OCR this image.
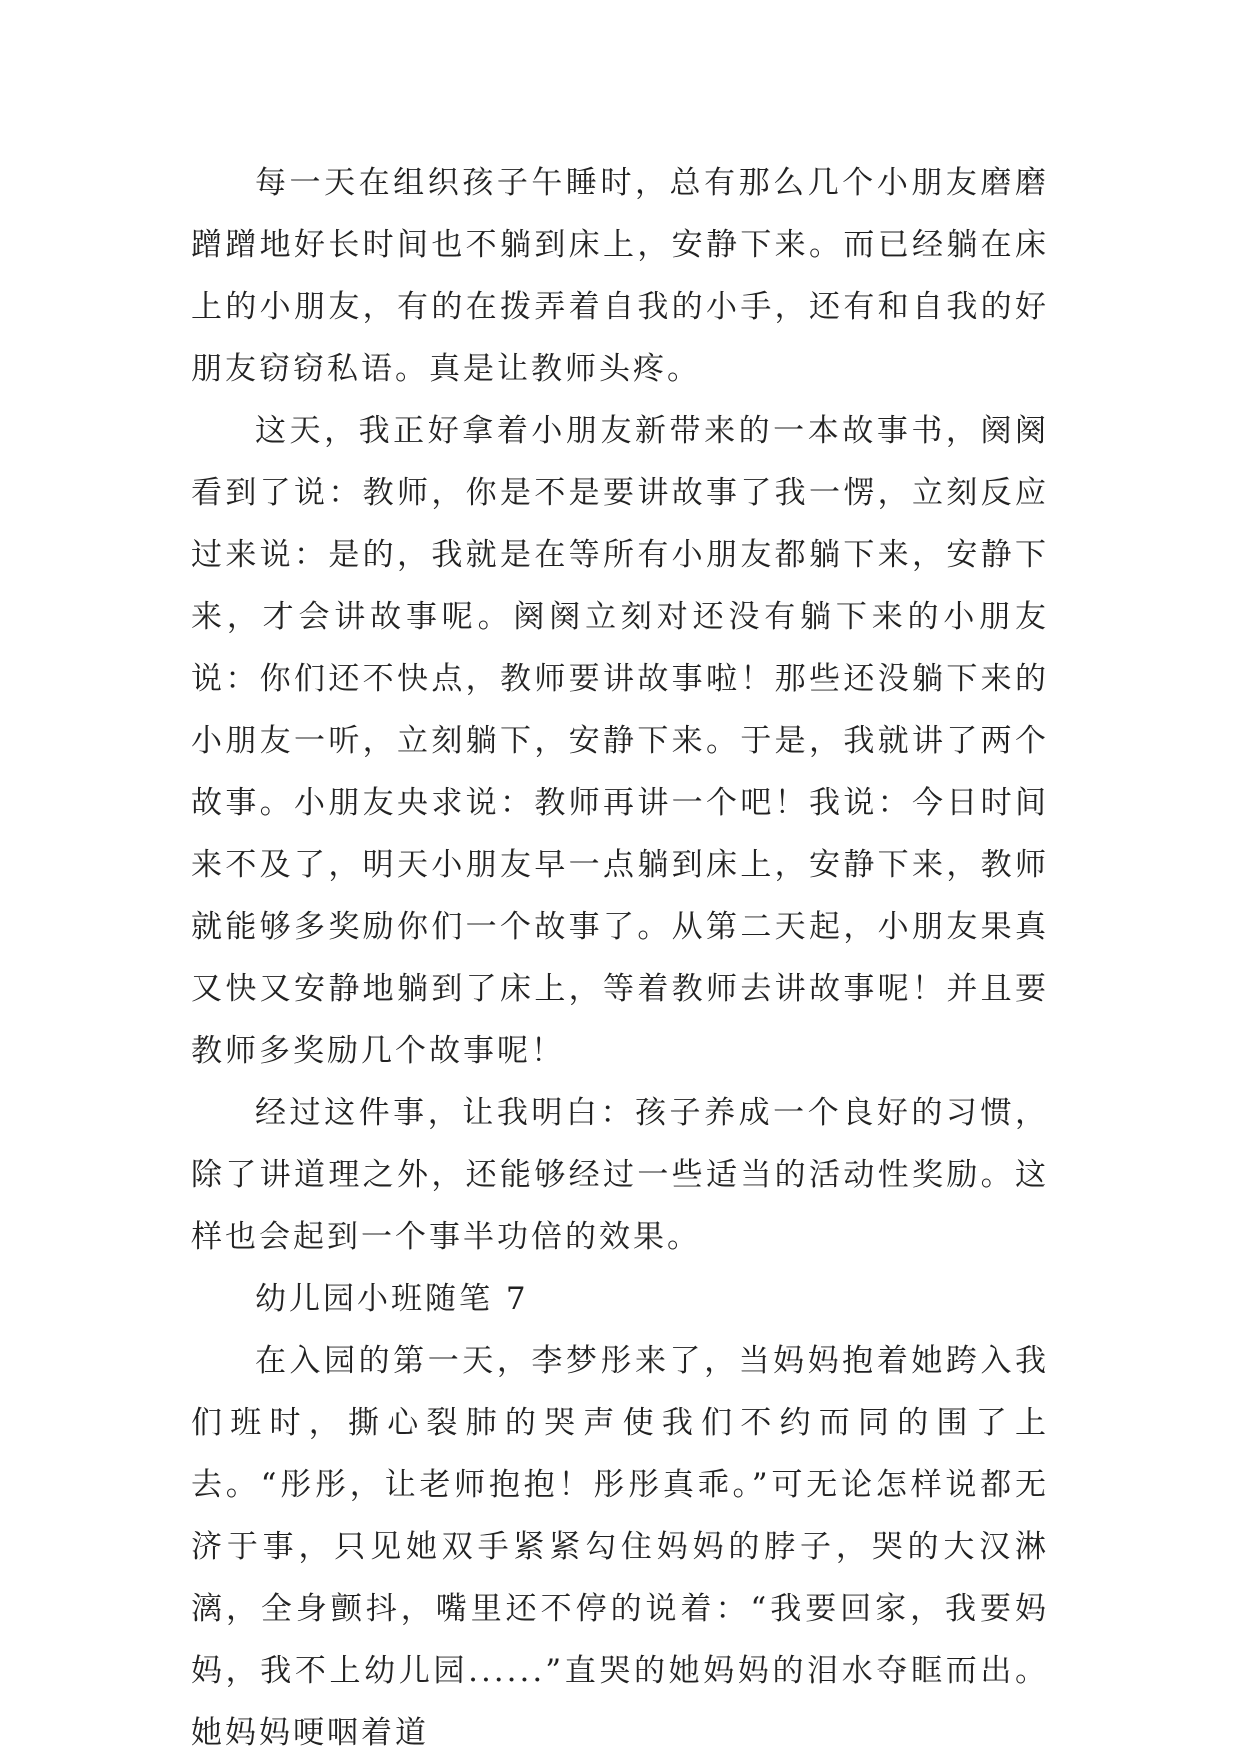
每一天在组织孩子午睡时，总有那么几个小朋友磨磨蹭蹭地好长时间也不躺到床上，安静下来。而已经躺在床上的小朋友，有的在拨弄着自我的小手，还有和自我的好朋友窃窃私语。真是让教师头疼。

这天，我正好拿着小朋友新带来的一本故事书，阕阕看到了说：教师，你是不是要讲故事了我一愣，立刻反应过来说：是的，我就是在等所有小朋友都躺下来，安静下来，才会讲故事呢。阕阕立刻对还没有躺下来的小朋友说：你们还不快点，教师要讲故事啦！那些还没躺下来的小朋友一听，立刻躺下，安静下来。于是，我就讲了两个故事。小朋友央求说：教师再讲一个吧！我说：今日时间来不及了，明天小朋友早一点躺到床上，安静下来，教师就能够多奖励你们一个故事了。从第二天起，小朋友果真又快又安静地躺到了床上，等着教师去讲故事呢！并且要教师多奖励几个故事呢！

经过这件事，让我明白：孩子养成一个良好的习惯，除了讲道理之外，还能够经过一些适当的活动性奖励。这样也会起到一个事半功倍的效果。

幼儿园小班随笔 7

在入园的第一天，李梦彤来了，当妈妈抱着她跨入我们班时，撕心裂肺的哭声使我们不约而同的围了上去。“彤彤，让老师抱抱！彤彤真乖。”可无论怎样说都无济于事，只见她双手紧紧勾住妈妈的脖子，哭的大汉淋漓，全身颤抖，嘴里还不停的说着：“我要回家，我要妈妈，我不上幼儿园......”直哭的她妈妈的泪水夺眶而出。她妈妈哽咽着道
